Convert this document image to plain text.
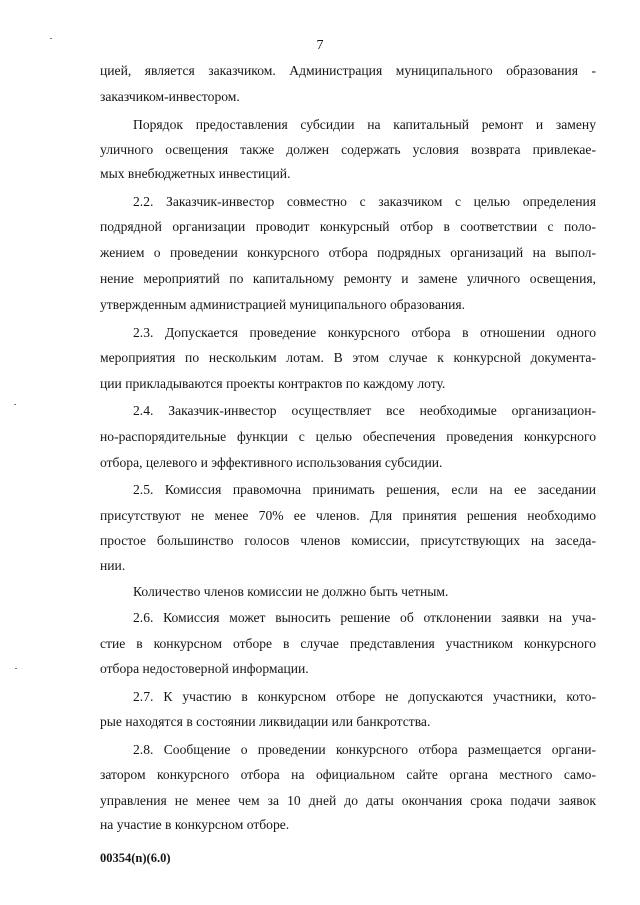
7
цией, является заказчиком. Администрация муниципального образования -
заказчиком-инвестором.
Порядок предоставления субсидии на капитальный ремонт и замену
уличного освещения также должен содержать условия возврата привлекае-
мых внебюджетных инвестиций.
2.2. Заказчик-инвестор совместно с заказчиком с целью определения
подрядной организации проводит конкурсный отбор в соответствии с поло-
жением о проведении конкурсного отбора подрядных организаций на выпол-
нение мероприятий по капитальному ремонту и замене уличного освещения,
утвержденным администрацией муниципального образования.
2.3. Допускается проведение конкурсного отбора в отношении одного
мероприятия по нескольким лотам. В этом случае к конкурсной документа-
ции прикладываются проекты контрактов по каждому лоту.
2.4. Заказчик-инвестор осуществляет все необходимые организацион-
но-распорядительные функции с целью обеспечения проведения конкурсного
отбора, целевого и эффективного использования субсидии.
2.5. Комиссия правомочна принимать решения, если на ее заседании
присутствуют не менее 70% ее членов. Для принятия решения необходимо
простое большинство голосов членов комиссии, присутствующих на заседа-
нии.
Количество членов комиссии не должно быть четным.
2.6. Комиссия может выносить решение об отклонении заявки на уча-
стие в конкурсном отборе в случае представления участником конкурсного
отбора недостоверной информации.
2.7. К участию в конкурсном отборе не допускаются участники, кото-
рые находятся в состоянии ликвидации или банкротства.
2.8. Сообщение о проведении конкурсного отбора размещается органи-
затором конкурсного отбора на официальном сайте органа местного само-
управления не менее чем за 10 дней до даты окончания срока подачи заявок
на участие в конкурсном отборе.
00354(n)(6.0)
